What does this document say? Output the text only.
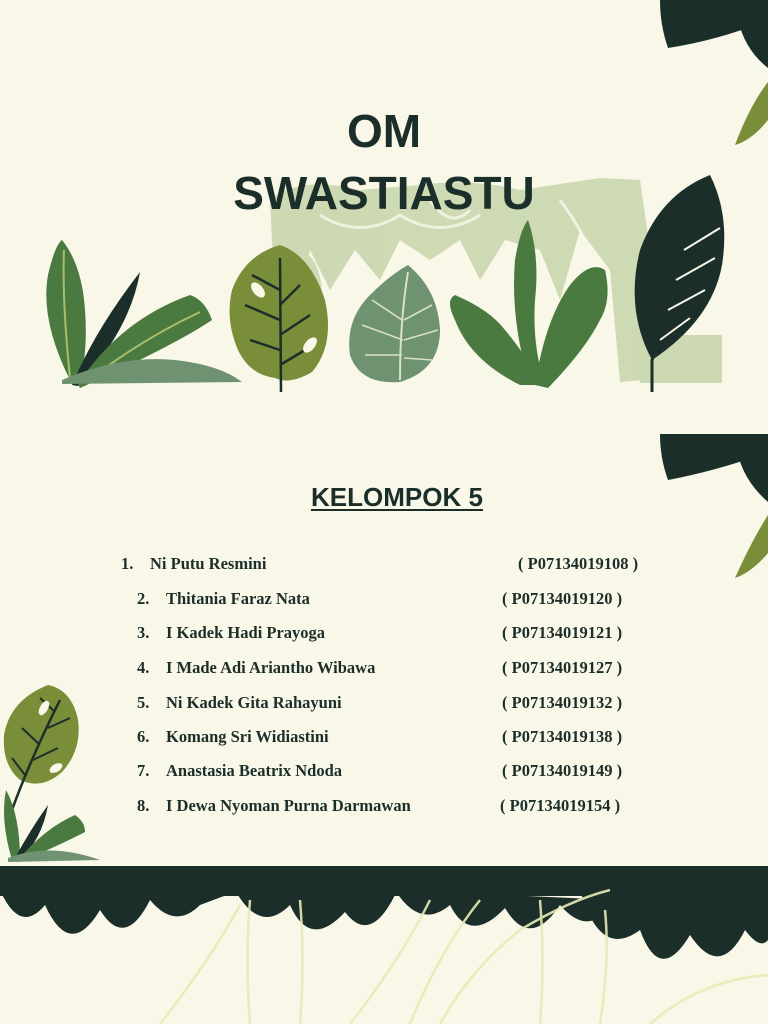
OM
SWASTIASTU
KELOMPOK 5
1. Ni Putu Resmini	( P07134019108 )
2. Thitania Faraz Nata	( P07134019120 )
3. I Kadek Hadi Prayoga	( P07134019121 )
4. I Made Adi Ariantho Wibawa	( P07134019127 )
5. Ni Kadek Gita Rahayuni	( P07134019132 )
6. Komang Sri Widiastini	( P07134019138 )
7. Anastasia Beatrix Ndoda	( P07134019149 )
8. I Dewa Nyoman Purna Darmawan	( P07134019154 )
